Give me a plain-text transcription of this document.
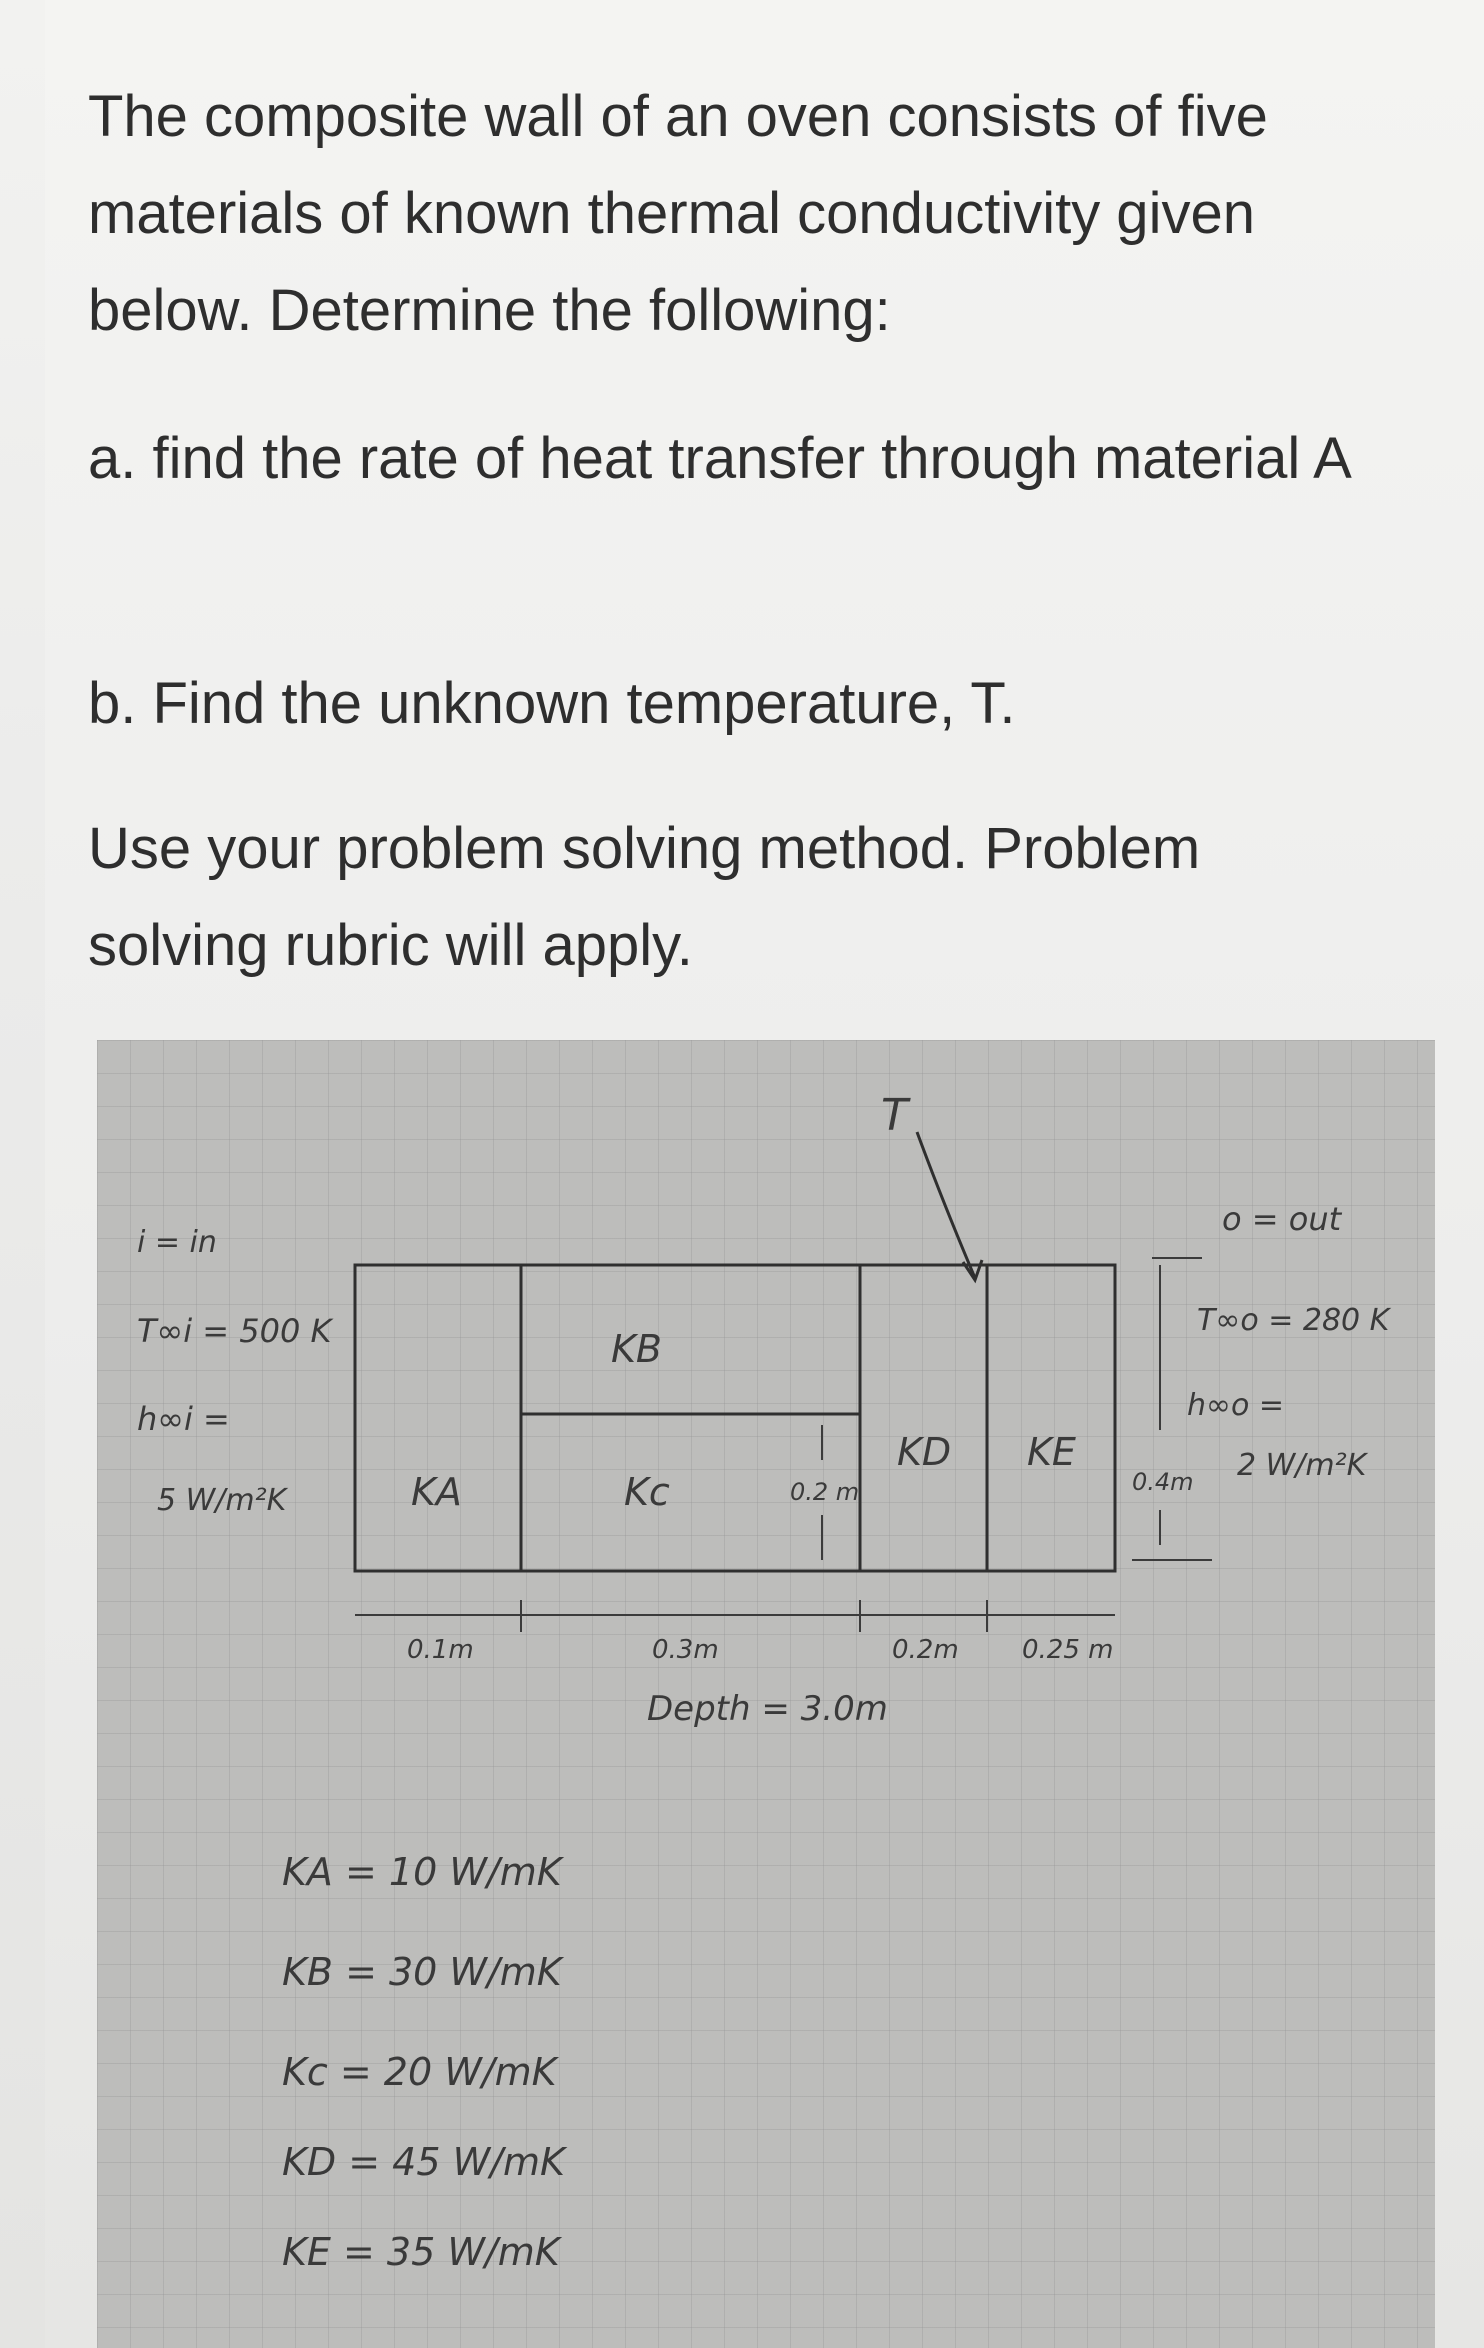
The composite wall of an oven consists of five materials of known thermal conductivity given below. Determine the following:

a. find the rate of heat transfer through material A

b. Find the unknown temperature, T.

Use your problem solving method. Problem solving rubric will apply.

T
i = in
T∞i = 500 K
h∞i =
5 W/m²K
o = out
T∞o = 280 K
h∞o =
2 W/m²K
0.4m
KA
KB
Kc
KD KE
0.2 m
0.1m	0.3m	0.2m 0.25 m
Depth = 3.0m
KA = 10 W/mK
KB = 30 W/mK
Kc = 20 W/mK
KD = 45 W/mK
KE = 35 W/mK
